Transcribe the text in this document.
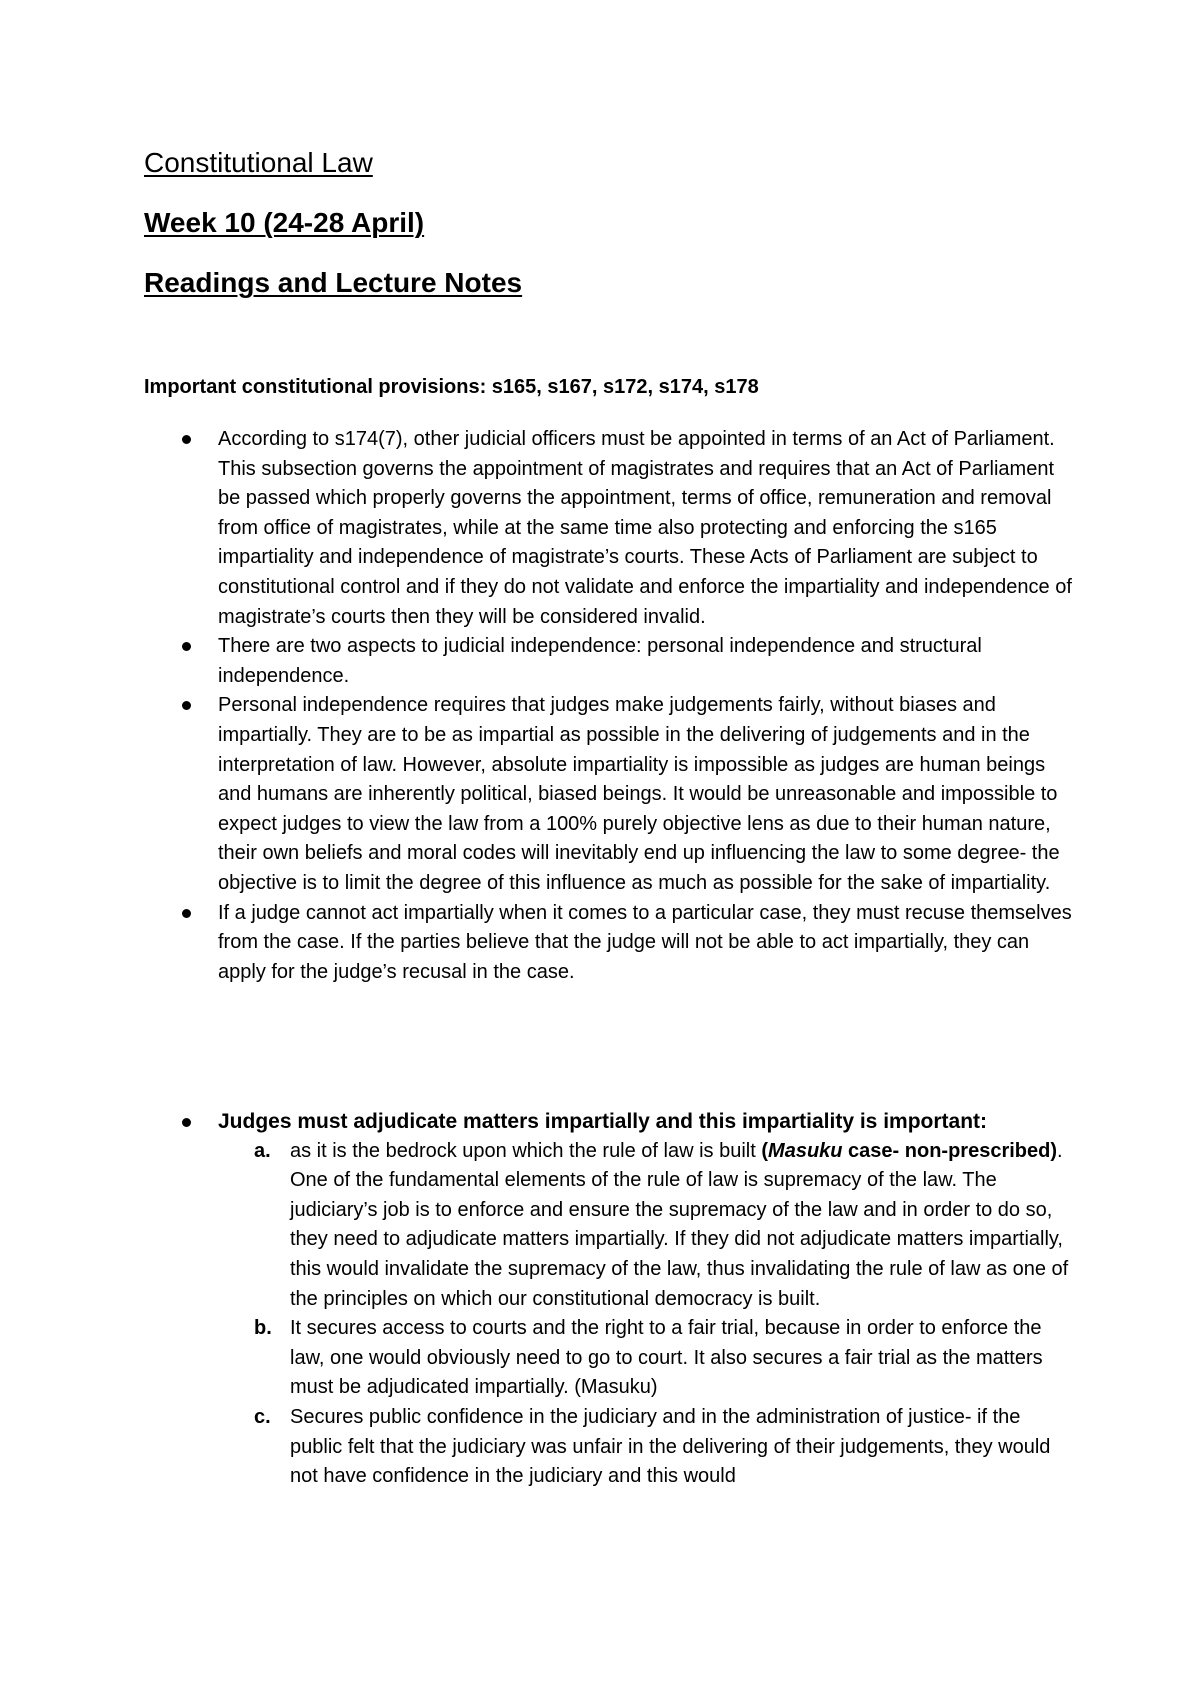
Constitutional Law
Week 10 (24-28 April)
Readings and Lecture Notes
Important constitutional provisions: s165, s167, s172, s174, s178
According to s174(7), other judicial officers must be appointed in terms of an Act of Parliament. This subsection governs the appointment of magistrates and requires that an Act of Parliament be passed which properly governs the appointment, terms of office, remuneration and removal from office of magistrates, while at the same time also protecting and enforcing the s165 impartiality and independence of magistrate’s courts. These Acts of Parliament are subject to constitutional control and if they do not validate and enforce the impartiality and independence of magistrate’s courts then they will be considered invalid.
There are two aspects to judicial independence: personal independence and structural independence.
Personal independence requires that judges make judgements fairly, without biases and impartially. They are to be as impartial as possible in the delivering of judgements and in the interpretation of law. However, absolute impartiality is impossible as judges are human beings and humans are inherently political, biased beings. It would be unreasonable and impossible to expect judges to view the law from a 100% purely objective lens as due to their human nature, their own beliefs and moral codes will inevitably end up influencing the law to some degree- the objective is to limit the degree of this influence as much as possible for the sake of impartiality.
If a judge cannot act impartially when it comes to a particular case, they must recuse themselves from the case. If the parties believe that the judge will not be able to act impartially, they can apply for the judge’s recusal in the case.
Judges must adjudicate matters impartially and this impartiality is important:
a. as it is the bedrock upon which the rule of law is built (Masuku case- non-prescribed). One of the fundamental elements of the rule of law is supremacy of the law. The judiciary’s job is to enforce and ensure the supremacy of the law and in order to do so, they need to adjudicate matters impartially. If they did not adjudicate matters impartially, this would invalidate the supremacy of the law, thus invalidating the rule of law as one of the principles on which our constitutional democracy is built.
b. It secures access to courts and the right to a fair trial, because in order to enforce the law, one would obviously need to go to court. It also secures a fair trial as the matters must be adjudicated impartially. (Masuku)
c. Secures public confidence in the judiciary and in the administration of justice- if the public felt that the judiciary was unfair in the delivering of their judgements, they would not have confidence in the judiciary and this would
